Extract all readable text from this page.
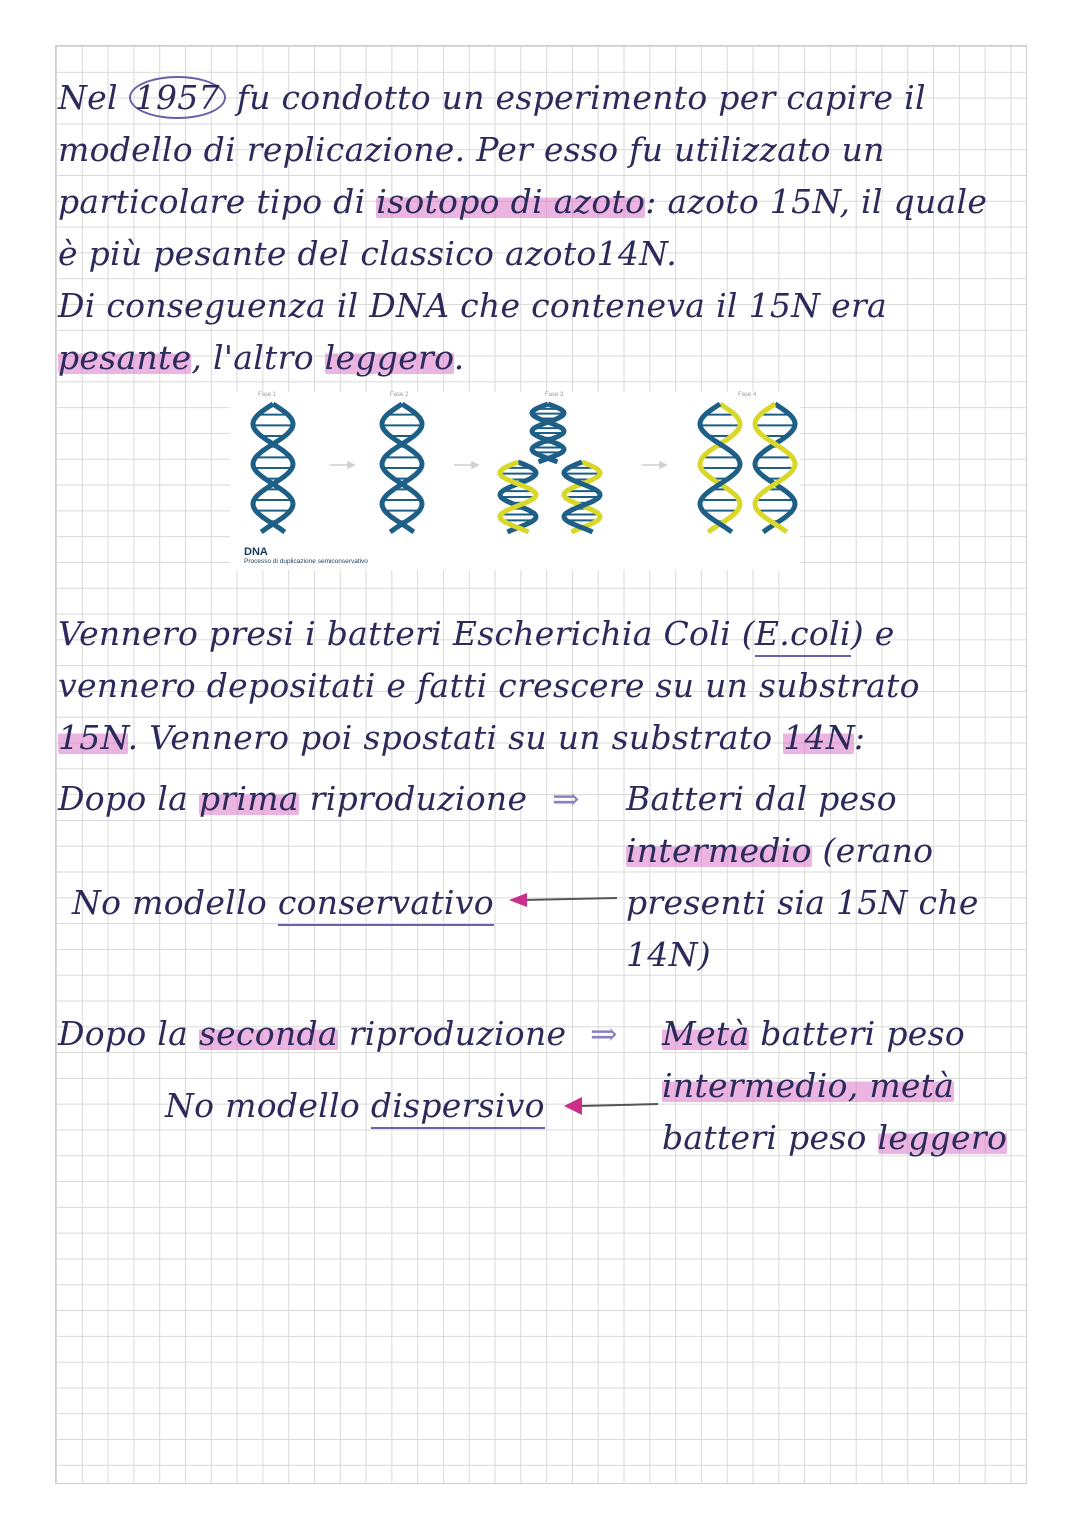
Nel 1957 fu condotto un esperimento per capire il
modello di replicazione. Per esso fu utilizzato un
particolare tipo di isotopo di azoto: azoto 15N, il quale
è più pesante del classico azoto14N.
Di conseguenza il DNA che conteneva il 15N era
pesante, l'altro leggero.
Fase 1	Fase 2	Fase 3	Fase 4
DNA
Processo di duplicazione semiconservativo
Vennero presi i batteri Escherichia Coli (E.coli) e
vennero depositati e fatti crescere su un substrato
15N. Vennero poi spostati su un substrato 14N:
Dopo la prima riproduzione ⇒ Batteri dal peso
intermedio (erano
presenti sia 15N che
14N)
No modello conservativo
Dopo la seconda riproduzione ⇒ Metà batteri peso
intermedio, metà
batteri peso leggero
No modello dispersivo
